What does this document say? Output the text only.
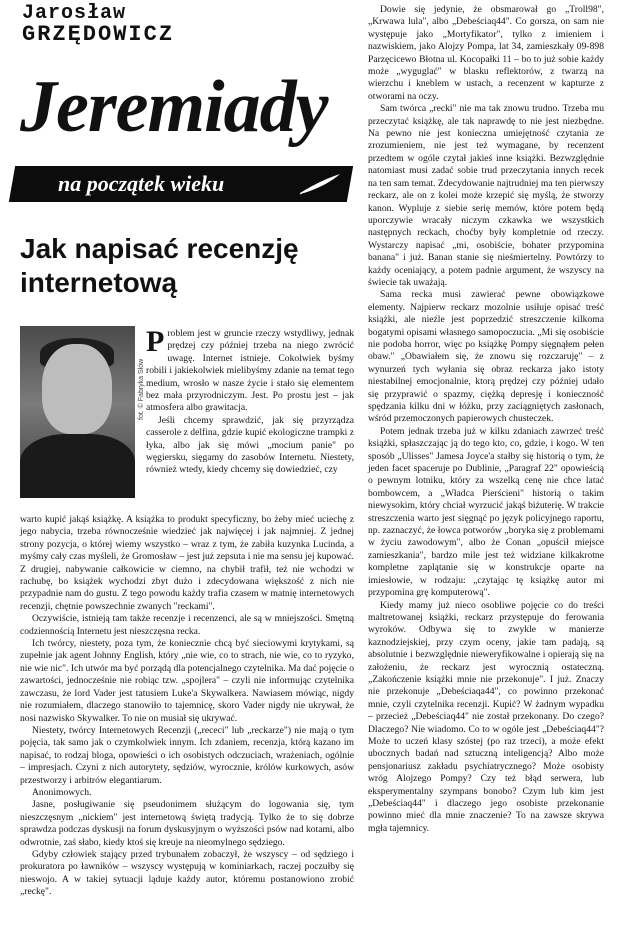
Jarosław
GRZĘDOWICZ
Jeremiady
na początek wieku
Jak napisać recenzję internetową
fot. © Fabryka Słów

Problem jest w gruncie rzeczy wstydliwy, jednak prędzej czy później trzeba na niego zwrócić uwagę. Internet istnieje. Cokolwiek byśmy robili i jakiekolwiek mielibyśmy zdanie na temat tego medium, wrosło w nasze życie i stało się elementem bez mała przyrodniczym. Jest. Po prostu jest – jak atmosfera albo grawitacja.

Jeśli chcemy sprawdzić, jak się przyrządza casserole z delfina, gdzie kupić ekologiczne trampki z łyka, albo jak się mówi „mocium panie" po węgiersku, sięgamy do zasobów Internetu. Niestety, również wtedy, kiedy chcemy się dowiedzieć, czy

warto kupić jakąś książkę. A książka to produkt specyficzny, bo żeby mieć uciechę z jego nabycia, trzeba równocześnie wiedzieć jak najwięcej i jak najmniej. Z jednej strony pozycja, o której wiemy wszystko – wraz z tym, że zabiła kuzynka Lucinda, a myśmy cały czas myśleli, że Gromosław – jest już zepsuta i nie ma sensu jej kupować. Z drugiej, nabywanie całkowicie w ciemno, na chybił trafił, też nie wchodzi w rachubę, bo książek wychodzi zbyt dużo i zdecydowana większość z nich nie przypadnie nam do gustu. Z tego powodu każdy trafia czasem w matnię internetowych recenzji, chętnie powszechnie zwanych "reckami".

Oczywiście, istnieją tam także recenzje i recenzenci, ale są w mniejszości. Smętną codziennością Internetu jest nieszczęsna recka.

Ich twórcy, niestety, poza tym, że koniecznie chcą być sieciowymi krytykami, są zupełnie jak agent Johnny English, który „nie wie, co to strach, nie wie, co to ryzyko, nie wie nic". Ich utwór ma być porządą dla potencjalnego czytelnika. Ma dać pojęcie o zawartości, jednocześnie nie robiąc tzw. „spojlera" – czyli nie informując czytelnika zawczasu, że lord Vader jest tatusiem Luke'a Skywalkera. Nawiasem mówiąc, nigdy nie rozumiałem, dlaczego stanowiło to tajemnicę, skoro Vader nigdy nie ukrywał, że nosi nazwisko Skywalker. To nie on musiał się ukrywać.

Niestety, twórcy Internetowych Recenzji („receci" lub „reckarze") nie mają o tym pojęcia, tak samo jak o czymkolwiek innym. Ich zdaniem, recenzja, którą kazano im napisać, to rodzaj bloga, opowieści o ich osobistych odczuciach, wrażeniach, ogólnie – impresjach. Czyni z nich autorytety, sędziów, wyrocznie, królów kurkowych, asów przestworzy i arbitrów elegantiarum.

Anonimowych.

Jasne, posługiwanie się pseudonimem służącym do logowania się, tym nieszczęsnym „nickiem" jest internetową świętą tradycją. Tylko że to się dobrze sprawdza podczas dyskusji na forum dyskusyjnym o wyższości psów nad kotami, albo odwrotnie, zaś słabo, kiedy ktoś się kreuje na nieomylnego sędziego.

Gdyby człowiek stający przed trybunałem zobaczył, że wszyscy – od sędziego i prokuratora po ławników – wszyscy występują w kominiarkach, raczej poczułby się nieswojo. A w takiej sytuacji ląduje każdy autor, któremu postanowiono zrobić „reckę".

Dowie się jedynie, że obsmarował go „Troll98", „Krwawa lula", albo „Debeściaq44". Co gorsza, on sam nie występuje jako „Mortyfikator", tylko z imieniem i nazwiskiem, jako Alojzy Pompa, lat 34, zamieszkały 09-898 Parzęcicewo Błotna ul. Kocopałki 11 – bo to już sobie każdy może „wyguglać" w blasku reflektorów, z twarzą na wierzchu i kneblem w ustach, a recenzent w kapturze z otworami na oczy.

Sam twórca „recki" nie ma tak znowu trudno. Trzeba mu przeczytać książkę, ale tak naprawdę to nie jest niezbędne. Na pewno nie jest konieczna umiejętność czytania ze zrozumieniem, nie jest też wymagane, by recenzent przedtem w ogóle czytał jakieś inne książki. Bezwzględnie natomiast musi zadać sobie trud przeczytania innych recek na ten sam temat. Zdecydowanie najtrudniej ma ten pierwszy reckarz, ale on z kolei może krzepić się myślą, że stworzy kanon. Wypluje z siebie serię memów, które potem będą uporczywie wracały niczym czkawka we wszystkich następnych reckach, choćby były kompletnie od rzeczy. Wystarczy napisać „mi, osobiście, bohater przypomina banana" i już. Banan stanie się nieśmiertelny. Powtórzy to każdy oceniający, a potem padnie argument, że wszyscy na świecie tak uważają.

Sama recka musi zawierać pewne obowiązkowe elementy. Najpierw reckarz mozolnie usiłuje opisać treść książki, ale nieźle jest poprzedzić streszczenie kilkoma bogatymi opisami własnego samopoczucia. „Mi się osobiście nie podoba horror, więc po książkę Pompy sięgnąłem pełen obaw." „Obawiałem się, że znowu się rozczaruję" – z wynurzeń tych wyłania się obraz reckarza jako istoty niestabilnej emocjonalnie, ktorą prędzej czy później udało się przyprawić o spazmy, ciężką depresję i konieczność spędzania kilku dni w łóżku, przy zaciągniętych zasłonach, wśród przemoczonych papierowych chusteczek.

Potem jednak trzeba już w kilku zdaniach zawrzeć treść książki, spłaszczając ją do tego kto, co, gdzie, i kogo. W ten sposób „Ulisses" Jamesa Joyce'a stałby się historią o tym, że jeden facet spaceruje po Dublinie, „Paragraf 22" opowieścią o pewnym lotniku, który za wszelką cenę nie chce latać bombowcem, a „Władca Pierścieni" historią o takim niewysokim, który chciał wyrzucić jakąś biżuterię. W trakcie streszczenia warto jest sięgnąć po język policyjnego raportu, np. zaznaczyć, że łowca potworów „boryka się z problemami w życiu zawodowym", albo że Conan „opuścił miejsce zamieszkania", bardzo mile jest też widziane kilkakrotne kompletne zaplątanie się w konstrukcje oparte na imiesłowie, w rodzaju: „czytając tę książkę autor mi przypomina grę komputerową".

Kiedy mamy już nieco osobliwe pojęcie co do treści maltretowanej książki, reckarz przystępuje do ferowania wyroków. Odbywa się to zwykle w manierze kaznodziejskiej, przy czym oceny, jakie tam padają, są absolutnie i bezwzględnie nieweryfikowalne i opierają się na założeniu, że reckarz jest wyrocznią ostateczną. „Zakończenie książki mnie nie przekonuje". I już. Znaczy nie przekonuje „Debeściaqa44", co powinno przekonać mnie, czyli czytelnika recenzji. Kupić? W żadnym wypadku – przecież „Debeściaq44" nie został przekonany. Do czego? Dlaczego? Nie wiadomo. Co to w ogóle jest „Debeściaq44"? Może to uczeń klasy szóstej (po raz trzeci), a może efekt ubocznych badań nad sztuczną inteligencją? Albo może pensjonariusz zakładu psychiatrycznego? Może osobisty wróg Alojzego Pompy? Czy też błąd serwera, lub eksperymentalny szympans bonobo? Czym lub kim jest „Debeściaq44" i dlaczego jego osobiste przekonanie powinno mieć dla mnie znaczenie? To na zawsze skrywa mgła tajemnicy.
